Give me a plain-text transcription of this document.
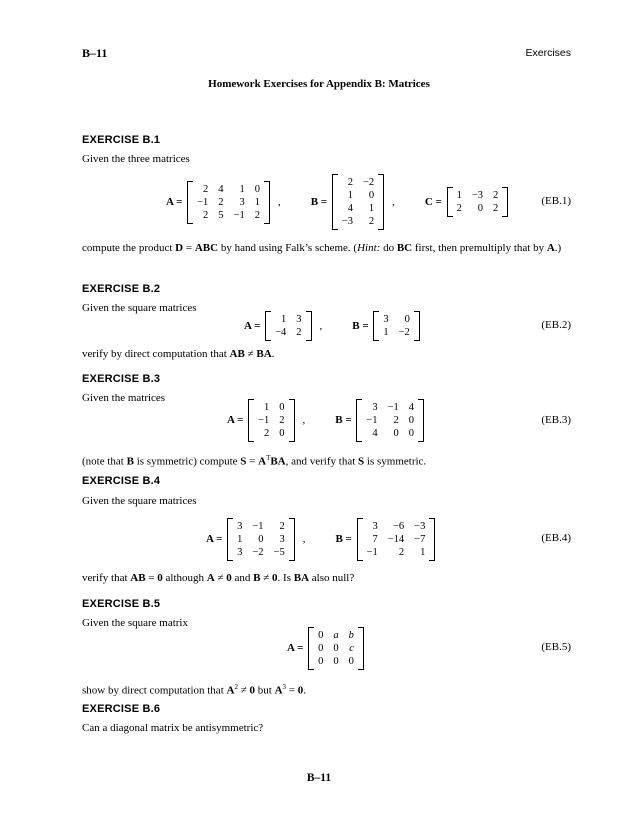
B–11	Exercises
Homework Exercises for Appendix B: Matrices
EXERCISE B.1
Given the three matrices
A =
2 4	1 0
−1 2	3 1
2 5 −1 2
,	B =
2 −2
1	0
4	1
−3	2
,	C =
1 −3 2
2	0 2
(EB.1)
compute the product D = ABC by hand using Falk’s scheme. (Hint: do BC first, then premultiply that by A.)
EXERCISE B.2
Given the square matrices
A =
1 3
−4 2
,	B =
3	0
1 −2
(EB.2)
verify by direct computation that AB ≠ BA.
EXERCISE B.3
Given the matrices
A =
1 0
−1 2
2 0
,	B =
3 −1 4
−1	2 0
4	0 0
(EB.3)
(note that B is symmetric) compute $S = A^TBA$, and verify that S is symmetric.
EXERCISE B.4
Given the square matrices
A =
3 −1	2
1	0	3
3 −2 −5
,	B =
3	−6 −3
7 −14 −7
−1	2	1
(EB.4)
verify that AB = 0 although A ≠ 0 and B ≠ 0. Is BA also null?
EXERCISE B.5
Given the square matrix
A =
0 a b
0 0 c
0 0 0
(EB.5)
show by direct computation that $A^2 \ne 0$ but $A^3 = 0$.
EXERCISE B.6
Can a diagonal matrix be antisymmetric?
B–11
